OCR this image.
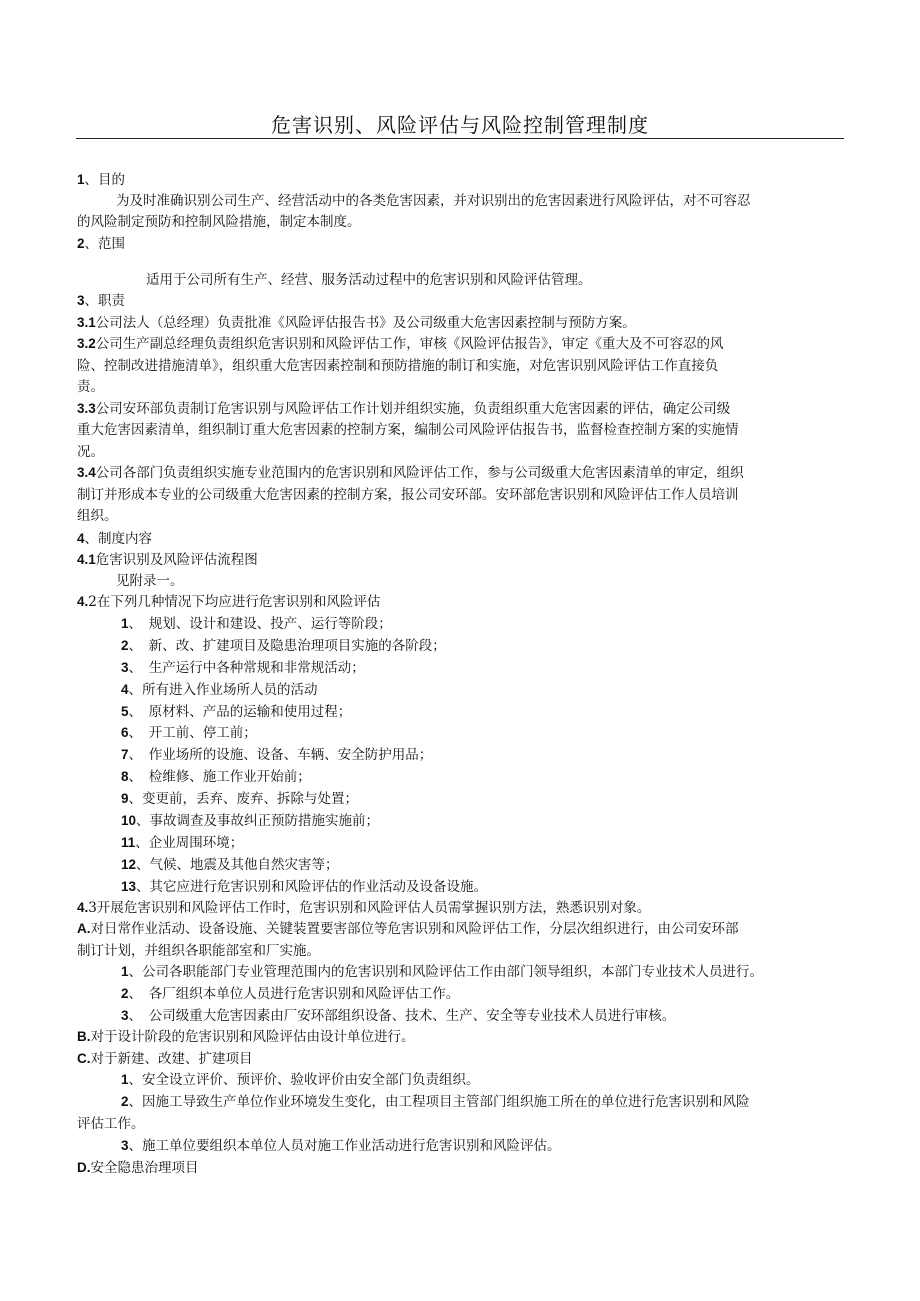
危害识别、风险评估与风险控制管理制度
1、目的
为及时准确识别公司生产、经营活动中的各类危害因素，并对识别出的危害因素进行风险评估，对不可容忍
的风险制定预防和控制风险措施，制定本制度。
2、范围
适用于公司所有生产、经营、服务活动过程中的危害识别和风险评估管理。
3、职责
3.1公司法人（总经理）负责批准《风险评估报告书》及公司级重大危害因素控制与预防方案。
3.2公司生产副总经理负责组织危害识别和风险评估工作，审核《风险评估报告》，审定《重大及不可容忍的风
险、控制改进措施清单》，组织重大危害因素控制和预防措施的制订和实施，对危害识别风险评估工作直接负
责。
3.3公司安环部负责制订危害识别与风险评估工作计划并组织实施，负责组织重大危害因素的评估，确定公司级
重大危害因素清单，组织制订重大危害因素的控制方案，编制公司风险评估报告书，监督检查控制方案的实施情
况。
3.4公司各部门负责组织实施专业范围内的危害识别和风险评估工作，参与公司级重大危害因素清单的审定，组织
制订并形成本专业的公司级重大危害因素的控制方案，报公司安环部。安环部危害识别和风险评估工作人员培训
组织。
4、制度内容
4.1危害识别及风险评估流程图
见附录一。
4.2在下列几种情况下均应进行危害识别和风险评估
1、　规划、设计和建设、投产、运行等阶段；
2、　新、改、扩建项目及隐患治理项目实施的各阶段；
3、　生产运行中各种常规和非常规活动；
4、所有进入作业场所人员的活动
5、　原材料、产品的运输和使用过程；
6、　开工前、停工前；
7、　作业场所的设施、设备、车辆、安全防护用品；
8、　检维修、施工作业开始前；
9、变更前，丢弃、废弃、拆除与处置；
10、事故调查及事故纠正预防措施实施前；
11、企业周围环境；
12、气候、地震及其他自然灾害等；
13、其它应进行危害识别和风险评估的作业活动及设备设施。
4.3开展危害识别和风险评估工作时，危害识别和风险评估人员需掌握识别方法，熟悉识别对象。
A.对日常作业活动、设备设施、关键装置要害部位等危害识别和风险评估工作，分层次组织进行，由公司安环部
制订计划，并组织各职能部室和厂实施。
1、公司各职能部门专业管理范围内的危害识别和风险评估工作由部门领导组织，本部门专业技术人员进行。
2、　各厂组织本单位人员进行危害识别和风险评估工作。
3、　公司级重大危害因素由厂安环部组织设备、技术、生产、安全等专业技术人员进行审核。
B.对于设计阶段的危害识别和风险评估由设计单位进行。
C.对于新建、改建、扩建项目
1、安全设立评价、预评价、验收评价由安全部门负责组织。
2、因施工导致生产单位作业环境发生变化，由工程项目主管部门组织施工所在的单位进行危害识别和风险
评估工作。
3、施工单位要组织本单位人员对施工作业活动进行危害识别和风险评估。
D.安全隐患治理项目
